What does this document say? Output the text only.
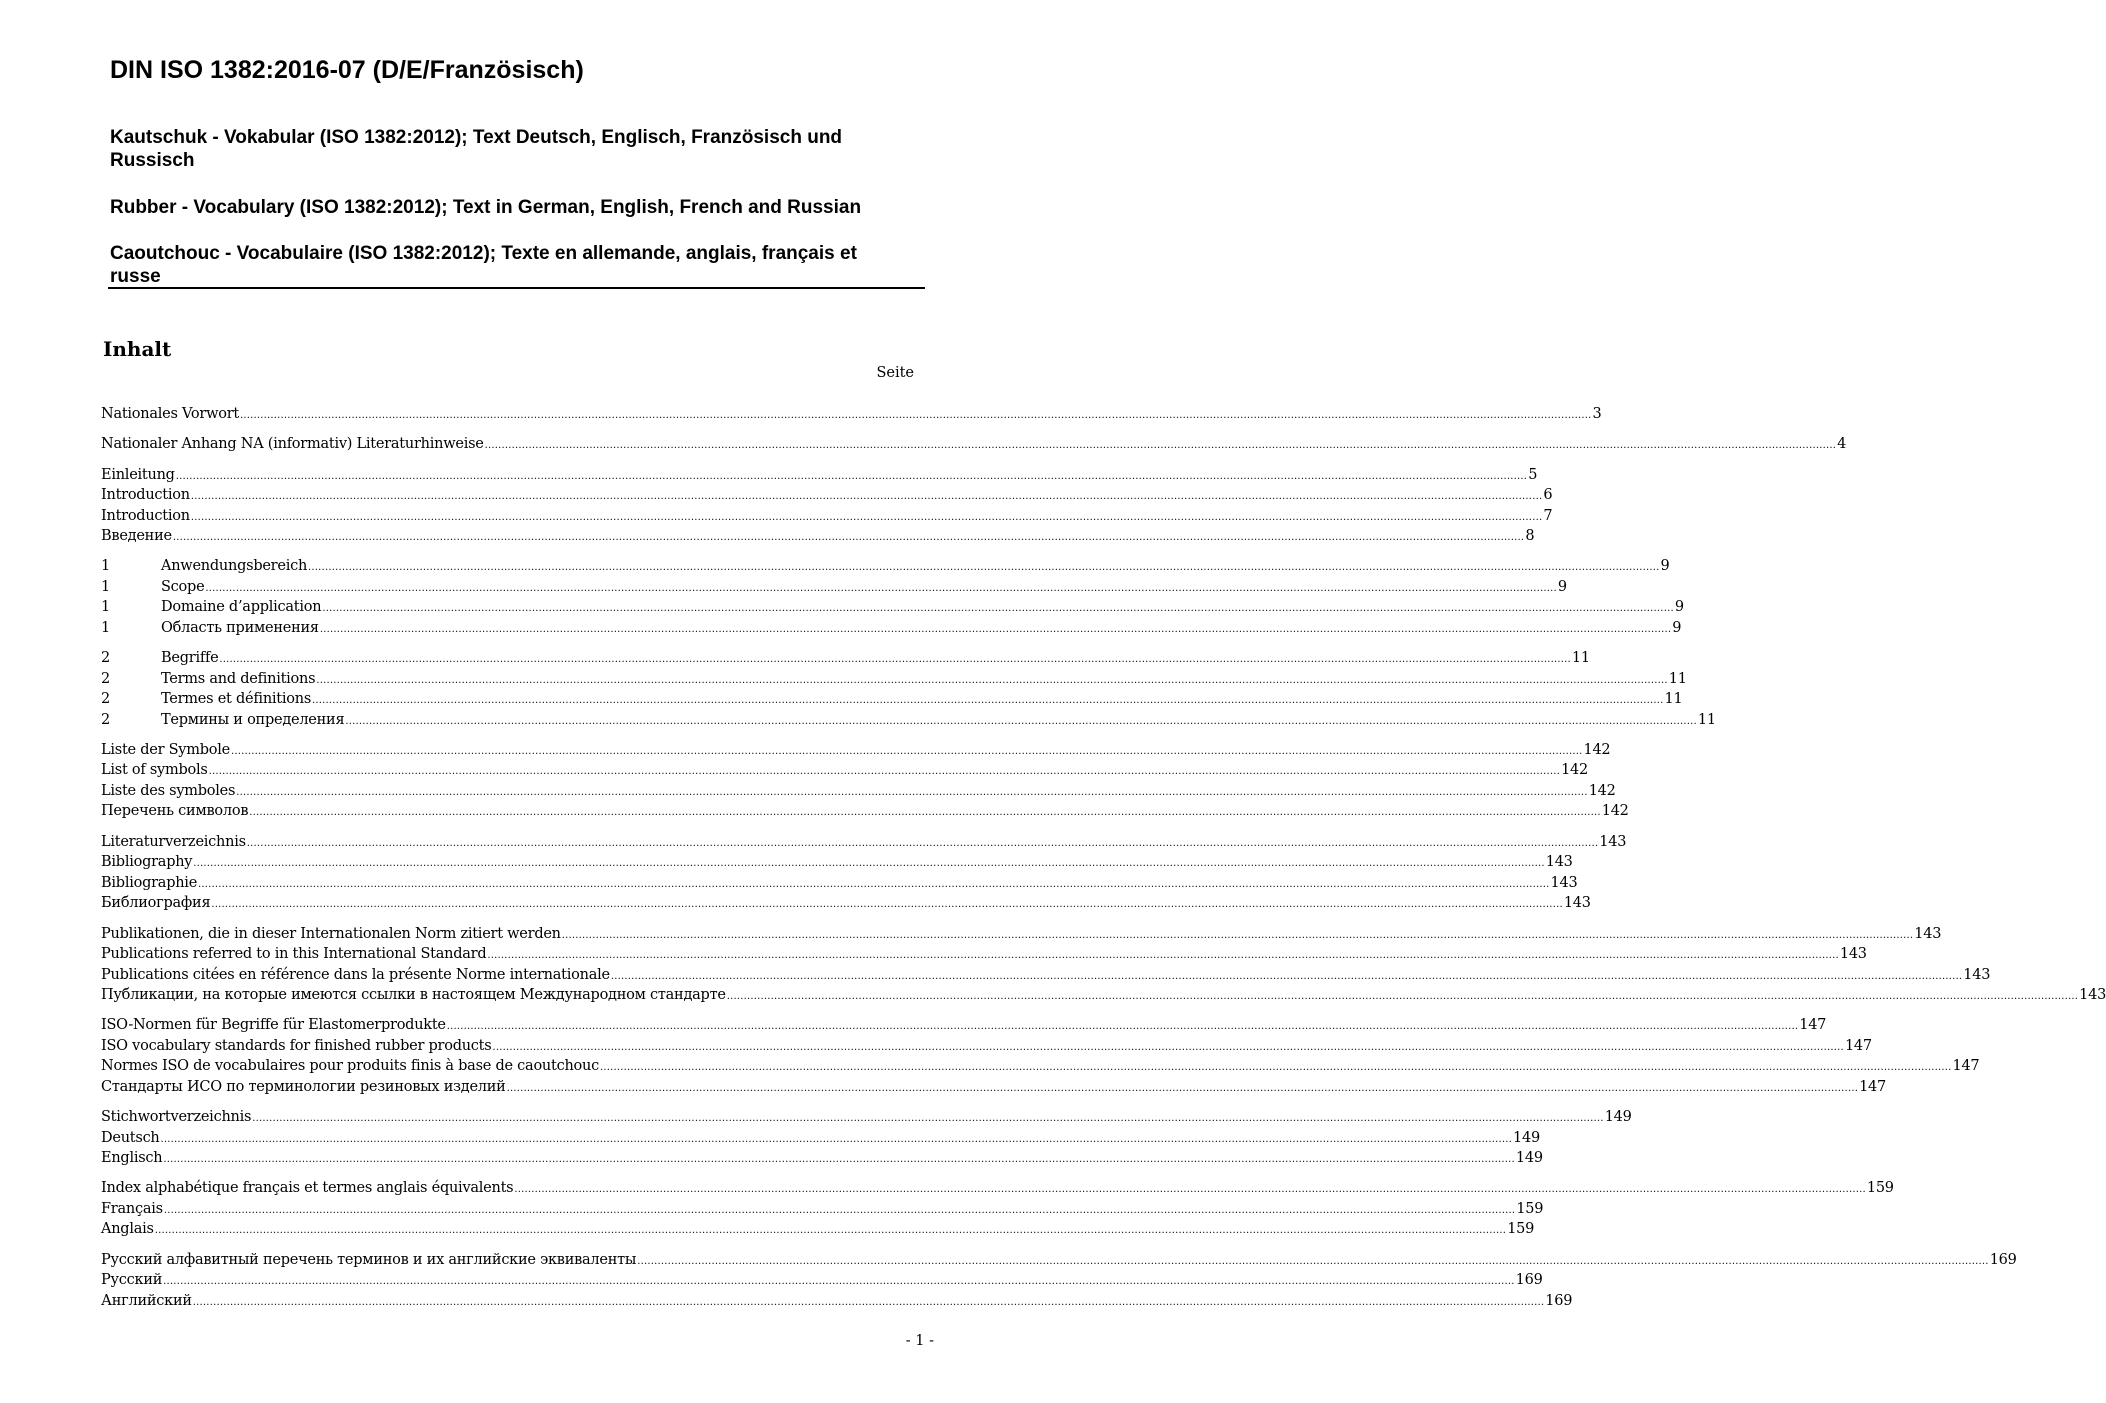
DIN ISO 1382:2016-07 (D/E/Französisch)
Kautschuk - Vokabular (ISO 1382:2012); Text Deutsch, Englisch, Französisch und Russisch
Rubber - Vocabulary (ISO 1382:2012); Text in German, English, French and Russian
Caoutchouc - Vocabulaire (ISO 1382:2012); Texte en allemande, anglais, français et russe
Inhalt
Seite
Nationales Vorwort ................................................................................................................................................................................................................................................................................................................................................................................................................ 3
Nationaler Anhang NA (informativ) Literaturhinweise ................................................................................................................................................................................................................................................................................................................................................................................................................ 4
Einleitung ................................................................................................................................................................................................................................................................................................................................................................................................................ 5
Introduction ................................................................................................................................................................................................................................................................................................................................................................................................................ 6
Introduction ................................................................................................................................................................................................................................................................................................................................................................................................................ 7
Введение ................................................................................................................................................................................................................................................................................................................................................................................................................ 8
1	Anwendungsbereich ................................................................................................................................................................................................................................................................................................................................................................................................................ 9
1	Scope ................................................................................................................................................................................................................................................................................................................................................................................................................ 9
1	Domaine d’application ................................................................................................................................................................................................................................................................................................................................................................................................................ 9
1	Область применения ................................................................................................................................................................................................................................................................................................................................................................................................................ 9
2	Begriffe ................................................................................................................................................................................................................................................................................................................................................................................................................ 11
2	Terms and definitions ................................................................................................................................................................................................................................................................................................................................................................................................................ 11
2	Termes et définitions ................................................................................................................................................................................................................................................................................................................................................................................................................ 11
2	Термины и определения ................................................................................................................................................................................................................................................................................................................................................................................................................ 11
Liste der Symbole ................................................................................................................................................................................................................................................................................................................................................................................................................ 142
List of symbols ................................................................................................................................................................................................................................................................................................................................................................................................................ 142
Liste des symboles ................................................................................................................................................................................................................................................................................................................................................................................................................ 142
Перечень символов ................................................................................................................................................................................................................................................................................................................................................................................................................ 142
Literaturverzeichnis ................................................................................................................................................................................................................................................................................................................................................................................................................ 143
Bibliography ................................................................................................................................................................................................................................................................................................................................................................................................................ 143
Bibliographie ................................................................................................................................................................................................................................................................................................................................................................................................................ 143
Библиография ................................................................................................................................................................................................................................................................................................................................................................................................................ 143
Publikationen, die in dieser Internationalen Norm zitiert werden ................................................................................................................................................................................................................................................................................................................................................................................................................ 143
Publications referred to in this International Standard ................................................................................................................................................................................................................................................................................................................................................................................................................ 143
Publications citées en référence dans la présente Norme internationale ................................................................................................................................................................................................................................................................................................................................................................................................................ 143
Публикации, на которые имеются ссылки в настоящем Международном стандарте ................................................................................................................................................................................................................................................................................................................................................................................................................ 143
ISO-Normen für Begriffe für Elastomerprodukte ................................................................................................................................................................................................................................................................................................................................................................................................................ 147
ISO vocabulary standards for finished rubber products ................................................................................................................................................................................................................................................................................................................................................................................................................ 147
Normes ISO de vocabulaires pour produits finis à base de caoutchouc ................................................................................................................................................................................................................................................................................................................................................................................................................ 147
Стандарты ИСО по терминологии резиновых изделий ................................................................................................................................................................................................................................................................................................................................................................................................................ 147
Stichwortverzeichnis ................................................................................................................................................................................................................................................................................................................................................................................................................ 149
Deutsch ................................................................................................................................................................................................................................................................................................................................................................................................................ 149
Englisch ................................................................................................................................................................................................................................................................................................................................................................................................................ 149
Index alphabétique français et termes anglais équivalents ................................................................................................................................................................................................................................................................................................................................................................................................................ 159
Français ................................................................................................................................................................................................................................................................................................................................................................................................................ 159
Anglais ................................................................................................................................................................................................................................................................................................................................................................................................................ 159
Русский алфавитный перечень терминов и их английские эквиваленты ................................................................................................................................................................................................................................................................................................................................................................................................................ 169
Русский ................................................................................................................................................................................................................................................................................................................................................................................................................ 169
Английский ................................................................................................................................................................................................................................................................................................................................................................................................................ 169
- 1 -
